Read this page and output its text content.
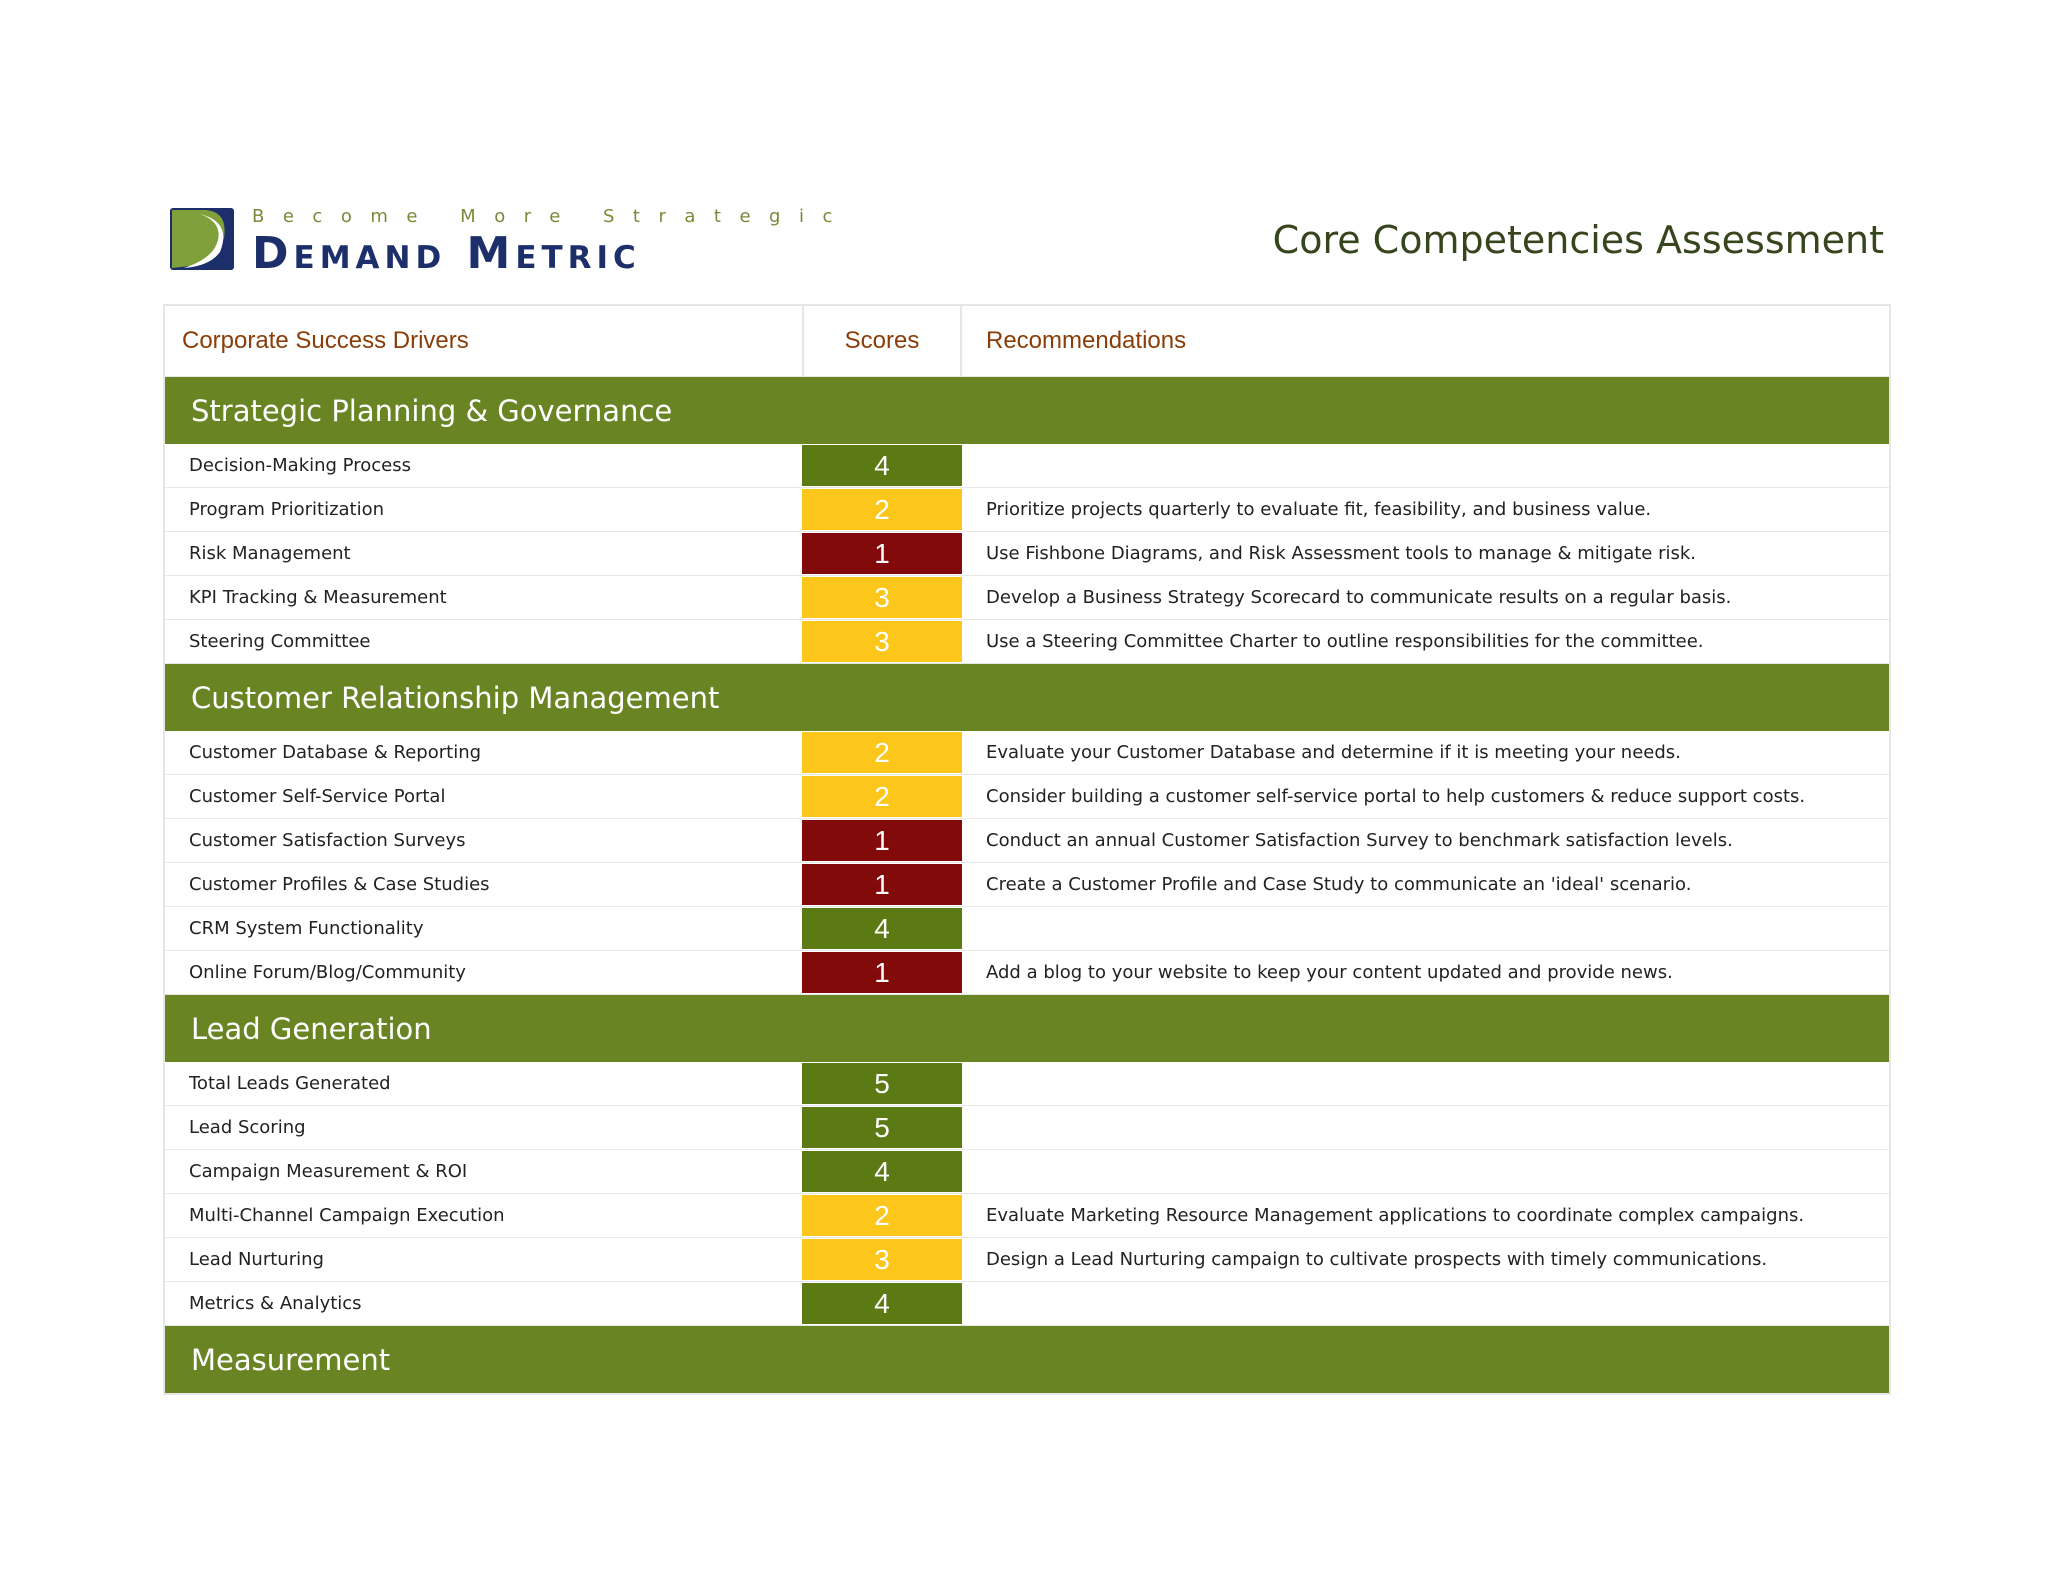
Become More Strategic
Demand Metric	Core Competencies Assessment
Corporate Success Drivers	Scores	Recommendations
Strategic Planning & Governance
Decision-Making Process	4
Program Prioritization	2	Prioritize projects quarterly to evaluate fit, feasibility, and business value.
Risk Management	1	Use Fishbone Diagrams, and Risk Assessment tools to manage & mitigate risk.
KPI Tracking & Measurement	3	Develop a Business Strategy Scorecard to communicate results on a regular basis.
Steering Committee	3	Use a Steering Committee Charter to outline responsibilities for the committee.
Customer Relationship Management
Customer Database & Reporting	2	Evaluate your Customer Database and determine if it is meeting your needs.
Customer Self-Service Portal	2	Consider building a customer self-service portal to help customers & reduce support costs.
Customer Satisfaction Surveys	1	Conduct an annual Customer Satisfaction Survey to benchmark satisfaction levels.
Customer Profiles & Case Studies	1	Create a Customer Profile and Case Study to communicate an 'ideal' scenario.
CRM System Functionality	4
Online Forum/Blog/Community	1	Add a blog to your website to keep your content updated and provide news.
Lead Generation
Total Leads Generated	5
Lead Scoring	5
Campaign Measurement & ROI	4
Multi-Channel Campaign Execution	2	Evaluate Marketing Resource Management applications to coordinate complex campaigns.
Lead Nurturing	3	Design a Lead Nurturing campaign to cultivate prospects with timely communications.
Metrics & Analytics	4
Measurement
